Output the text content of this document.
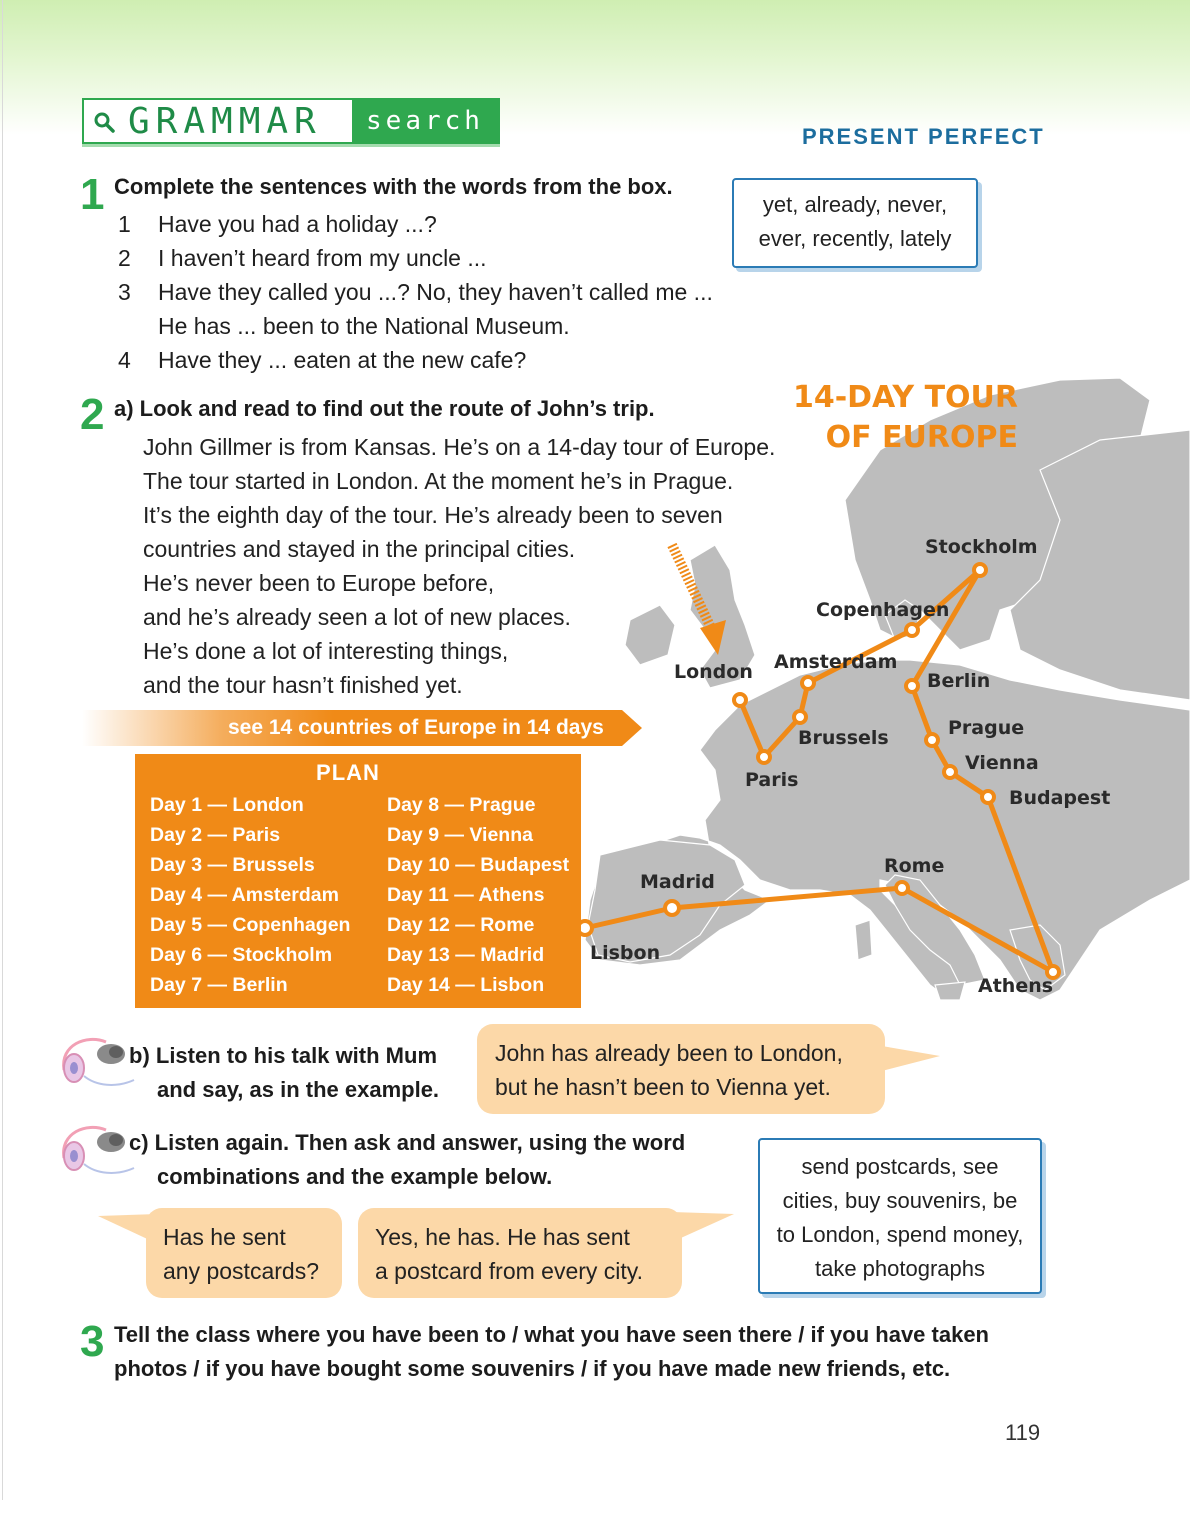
GRAMMAR	search
PRESENT PERFECT
1 Complete the sentences with the words from the box.
1 Have you had a holiday ...?
2 I haven’t heard from my uncle ...
3 Have they called you ...? No, they haven’t called me ...
He has ... been to the National Museum.
4 Have they ... eaten at the new cafe?
yet, already, never,
ever, recently, lately
14-DAY TOUR
OF EUROPE
Stockholm
Copenhagen
Amsterdam
London	Berlin
Brussels	Prague
Vienna
Paris
Budapest
Rome
Madrid
Lisbon
Athens
2 a) Look and read to find out the route of John’s trip.
John Gillmer is from Kansas. He’s on a 14-day tour of Europe.
The tour started in London. At the moment he’s in Prague.
It’s the eighth day of the tour. He’s already been to seven
countries and stayed in the principal cities.
He’s never been to Europe before,
and he’s already seen a lot of new places.
He’s done a lot of interesting things,
and the tour hasn’t finished yet.
see 14 countries of Europe in 14 days
PLAN
Day 1 — London
Day 2 — Paris
Day 3 — Brussels
Day 4 — Amsterdam
Day 5 — Copenhagen
Day 6 — Stockholm
Day 7 — Berlin
Day 8 — Prague
Day 9 — Vienna
Day 10 — Budapest
Day 11 — Athens
Day 12 — Rome
Day 13 — Madrid
Day 14 — Lisbon
b) Listen to his talk with Mum
and say, as in the example.
John has already been to London,
but he hasn’t been to Vienna yet.
c) Listen again. Then ask and answer, using the word
combinations and the example below.
Has he sent
any postcards?
Yes, he has. He has sent
a postcard from every city.
send postcards, see
cities, buy souvenirs, be
to London, spend money,
take photographs
3 Tell the class where you have been to / what you have seen there / if you have taken
photos / if you have bought some souvenirs / if you have made new friends, etc.
119
